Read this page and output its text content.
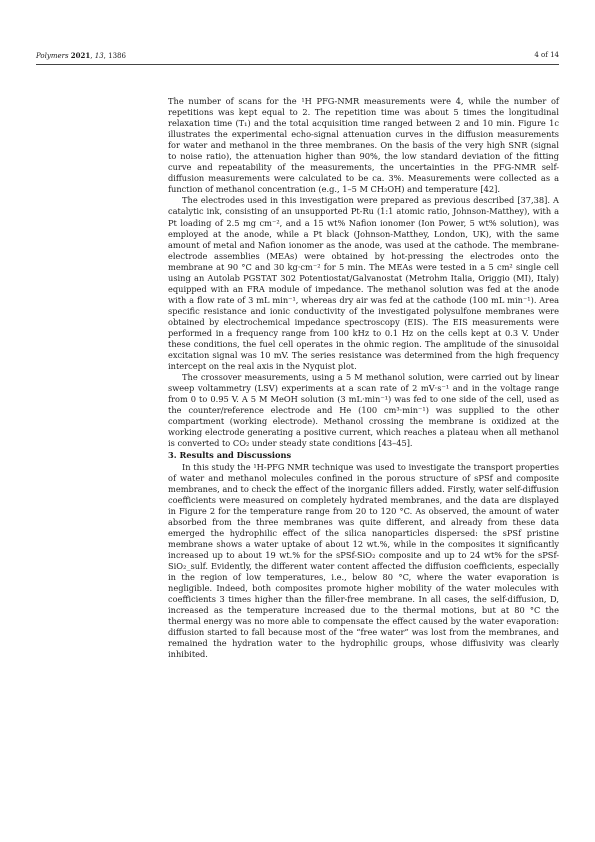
Polymers 2021, 13, 1386	4 of 14

The number of scans for the ¹H PFG-NMR measurements were 4, while the number of repetitions was kept equal to 2. The repetition time was about 5 times the longitudinal relaxation time (T₁) and the total acquisition time ranged between 2 and 10 min. Figure 1c illustrates the experimental echo-signal attenuation curves in the diffusion measurements for water and methanol in the three membranes. On the basis of the very high SNR (signal to noise ratio), the attenuation higher than 90%, the low standard deviation of the fitting curve and repeatability of the measurements, the uncertainties in the PFG-NMR self-diffusion measurements were calculated to be ca. 3%. Measurements were collected as a function of methanol concentration (e.g., 1–5 M CH₃OH) and temperature [42].

The electrodes used in this investigation were prepared as previous described [37,38]. A catalytic ink, consisting of an unsupported Pt-Ru (1:1 atomic ratio, Johnson-Matthey), with a Pt loading of 2.5 mg cm⁻², and a 15 wt% Nafion ionomer (Ion Power, 5 wt% solution), was employed at the anode, while a Pt black (Johnson-Matthey, London, UK), with the same amount of metal and Nafion ionomer as the anode, was used at the cathode. The membrane-electrode assemblies (MEAs) were obtained by hot-pressing the electrodes onto the membrane at 90 °C and 30 kg·cm⁻² for 5 min. The MEAs were tested in a 5 cm² single cell using an Autolab PGSTAT 302 Potentiostat/Galvanostat (Metrohm Italia, Origgio (MI), Italy) equipped with an FRA module of impedance. The methanol solution was fed at the anode with a flow rate of 3 mL min⁻¹, whereas dry air was fed at the cathode (100 mL min⁻¹). Area specific resistance and ionic conductivity of the investigated polysulfone membranes were obtained by electrochemical impedance spectroscopy (EIS). The EIS measurements were performed in a frequency range from 100 kHz to 0.1 Hz on the cells kept at 0.3 V. Under these conditions, the fuel cell operates in the ohmic region. The amplitude of the sinusoidal excitation signal was 10 mV. The series resistance was determined from the high frequency intercept on the real axis in the Nyquist plot.

The crossover measurements, using a 5 M methanol solution, were carried out by linear sweep voltammetry (LSV) experiments at a scan rate of 2 mV·s⁻¹ and in the voltage range from 0 to 0.95 V. A 5 M MeOH solution (3 mL·min⁻¹) was fed to one side of the cell, used as the counter/reference electrode and He (100 cm³·min⁻¹) was supplied to the other compartment (working electrode). Methanol crossing the membrane is oxidized at the working electrode generating a positive current, which reaches a plateau when all methanol is converted to CO₂ under steady state conditions [43–45].

3. Results and Discussions

In this study the ¹H-PFG NMR technique was used to investigate the transport properties of water and methanol molecules confined in the porous structure of sPSf and composite membranes, and to check the effect of the inorganic fillers added. Firstly, water self-diffusion coefficients were measured on completely hydrated membranes, and the data are displayed in Figure 2 for the temperature range from 20 to 120 °C. As observed, the amount of water absorbed from the three membranes was quite different, and already from these data emerged the hydrophilic effect of the silica nanoparticles dispersed: the sPSf pristine membrane shows a water uptake of about 12 wt.%, while in the composites it significantly increased up to about 19 wt.% for the sPSf-SiO₂ composite and up to 24 wt% for the sPSf-SiO₂_sulf. Evidently, the different water content affected the diffusion coefficients, especially in the region of low temperatures, i.e., below 80 °C, where the water evaporation is negligible. Indeed, both composites promote higher mobility of the water molecules with coefficients 3 times higher than the filler-free membrane. In all cases, the self-diffusion, D, increased as the temperature increased due to the thermal motions, but at 80 °C the thermal energy was no more able to compensate the effect caused by the water evaporation: diffusion started to fall because most of the “free water” was lost from the membranes, and remained the hydration water to the hydrophilic groups, whose diffusivity was clearly inhibited.
